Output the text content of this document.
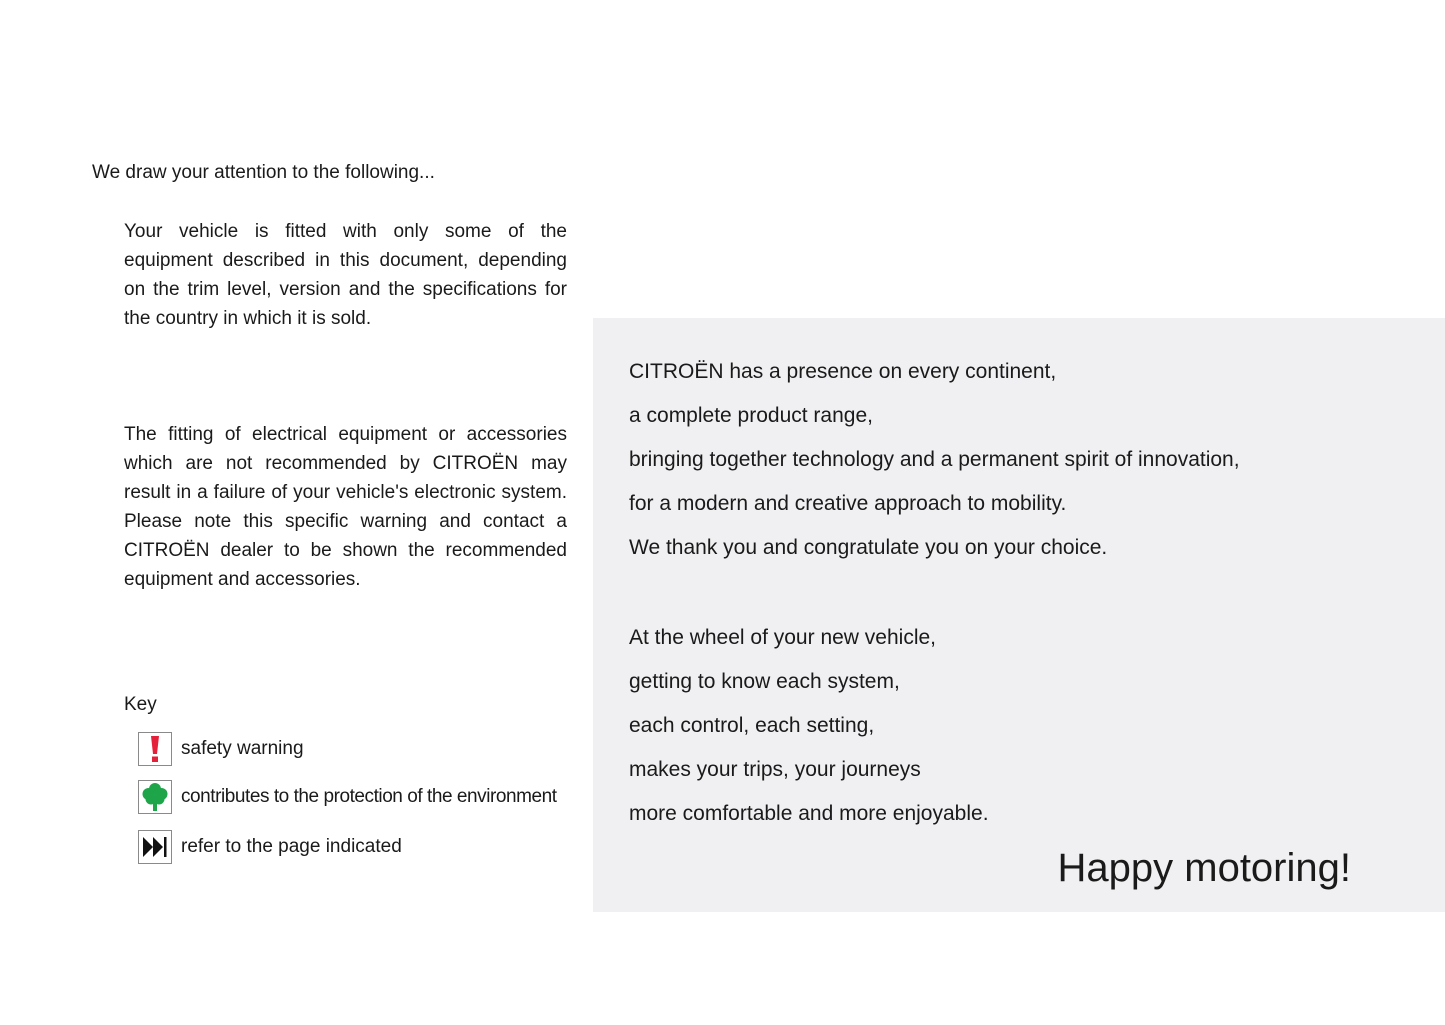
We draw your attention to the following...

Your vehicle is fitted with only some of the equipment described in this document, depending on the trim level, version and the specifications for the country in which it is sold.

The fitting of electrical equipment or accessories which are not recommended by CITROËN may result in a failure of your vehicle's electronic system. Please note this specific warning and contact a CITROËN dealer to be shown the recommended equipment and accessories.

Key

safety warning
contributes to the protection of the environment
refer to the page indicated
CITROËN has a presence on every continent,
a complete product range,
bringing together technology and a permanent spirit of innovation,
for a modern and creative approach to mobility.
We thank you and congratulate you on your choice.
At the wheel of your new vehicle,
getting to know each system,
each control, each setting,
makes your trips, your journeys
more comfortable and more enjoyable.

Happy motoring!
